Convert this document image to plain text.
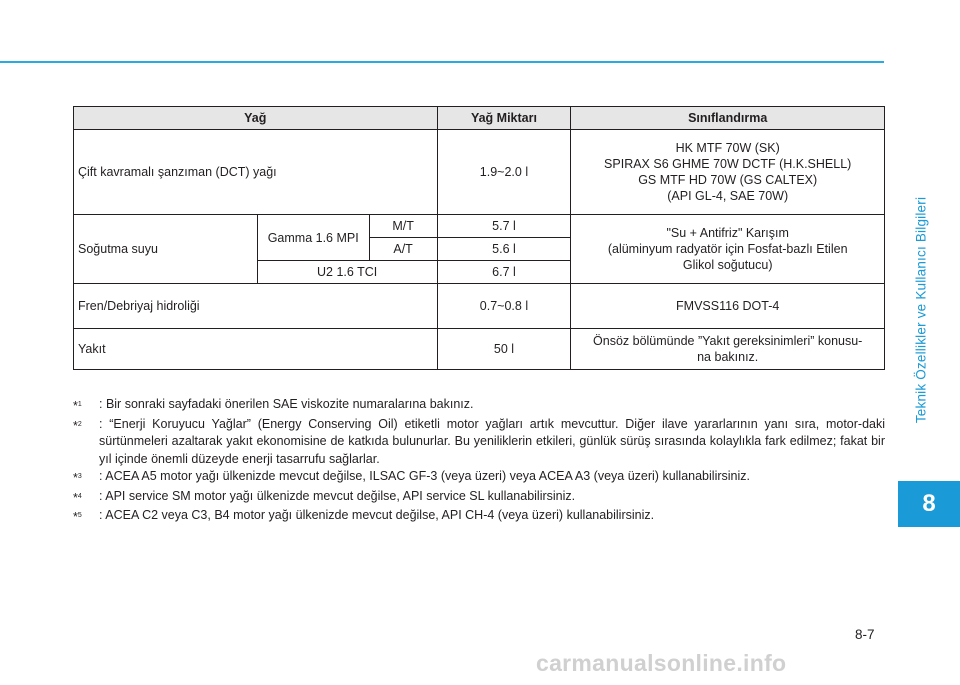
Teknik Özellikler ve Kullanıcı Bilgileri
8
Yağ			Yağ Miktarı	Sınıflandırma
Çift kavramalı şanzıman (DCT) yağı			1.9~2.0 l	HK MTF 70W (SK)
SPIRAX S6 GHME 70W DCTF (H.K.SHELL)
GS MTF HD 70W (GS CALTEX)
(API GL-4, SAE 70W)

Soğutma suyu	Gamma 1.6 MPI	M/T	5.7 l	"Su + Antifriz" Karışım
(alüminyum radyatör için Fosfat-bazlı Etilen
Glikol soğutucu)

		A/T	5.6 l	
	U2 1.6 TCI		6.7 l	
Fren/Debriyaj hidroliği			0.7~0.8 l	FMVSS116 DOT-4
Yakıt			50 l	Önsöz bölümünde ”Yakıt gereksinimleri” konusu-
na bakınız.
*$^1$	: Bir sonraki sayfadaki önerilen SAE viskozite numaralarına bakınız.
*$^2$	: “Enerji Koruyucu Yağlar” (Energy Conserving Oil) etiketli motor yağları artık mevcuttur. Diğer ilave yararlarının yanı sıra, motor-daki sürtünmeleri azaltarak yakıt ekonomisine de katkıda bulunurlar. Bu yeniliklerin etkileri, günlük sürüş sırasında kolaylıkla fark edilmez; fakat bir yıl içinde önemli düzeyde enerji tasarrufu sağlarlar.
*$^3$	: ACEA A5 motor yağı ülkenizde mevcut değilse, ILSAC GF-3 (veya üzeri) veya ACEA A3 (veya üzeri) kullanabilirsiniz.
*$^4$	: API service SM motor yağı ülkenizde mevcut değilse, API service SL kullanabilirsiniz.
*$^5$	: ACEA C2 veya C3, B4 motor yağı ülkenizde mevcut değilse, API CH-4 (veya üzeri) kullanabilirsiniz.
8-7
carmanualsonline.info
